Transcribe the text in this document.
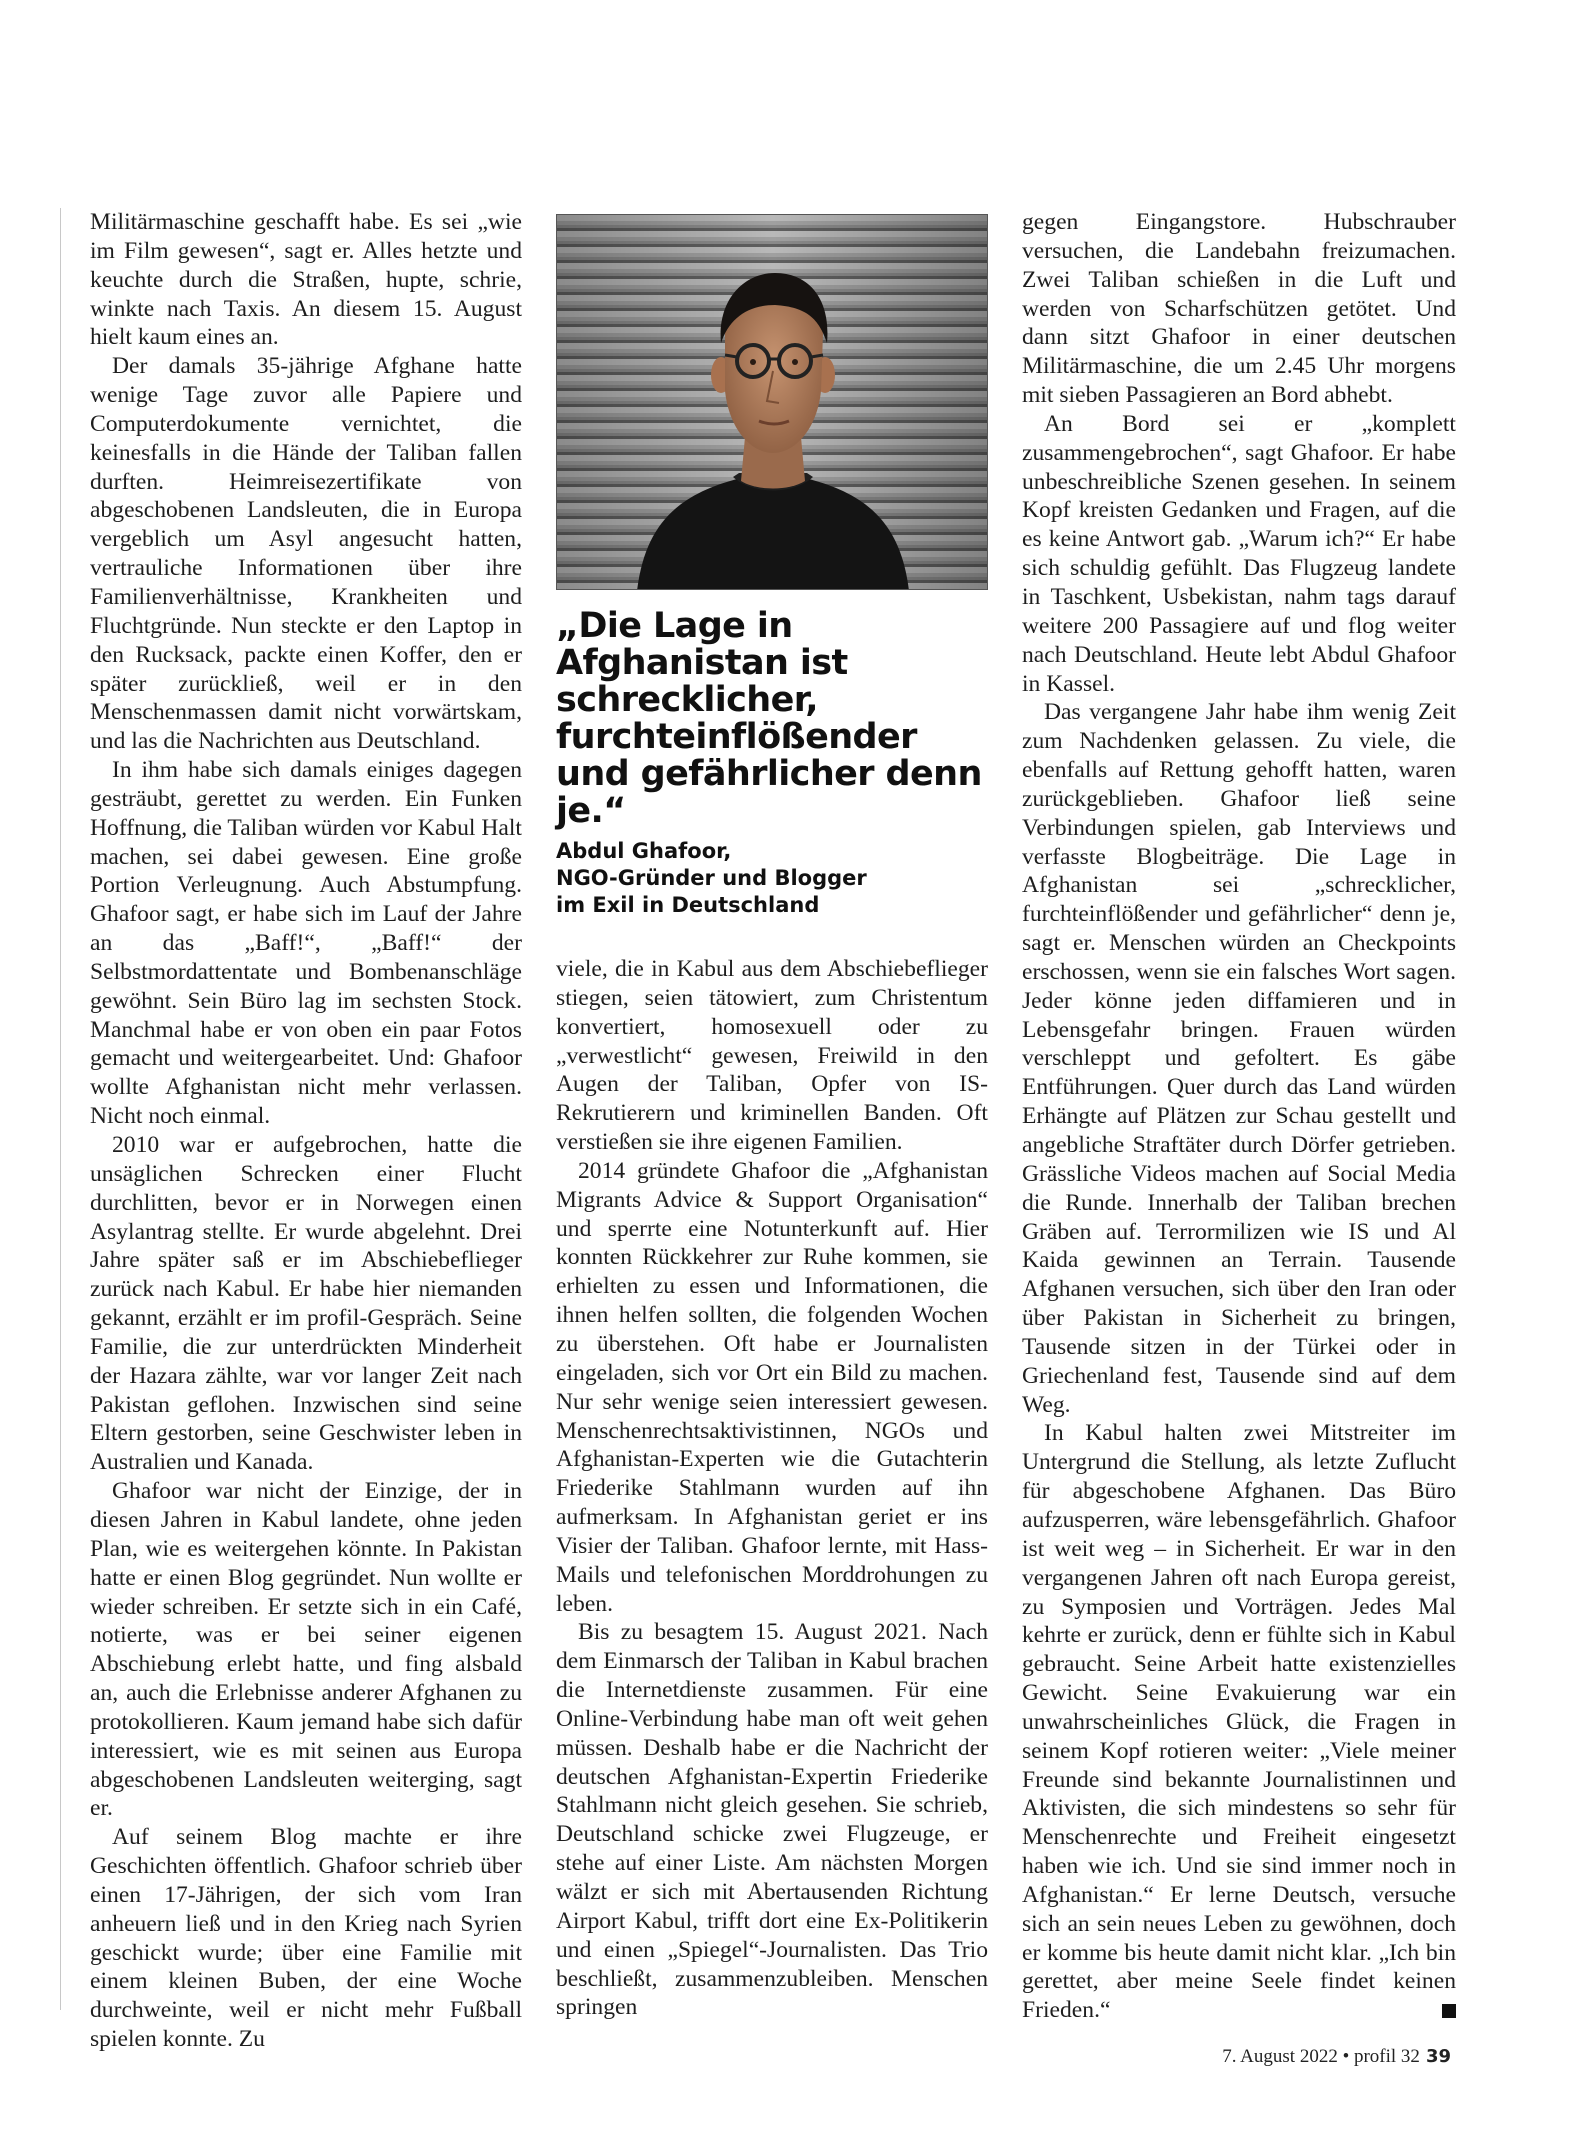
Militärmaschine geschafft habe. Es sei „wie im Film gewesen“, sagt er. Alles hetzte und keuchte durch die Straßen, hupte, schrie, winkte nach Taxis. An diesem 15. August hielt kaum eines an.

Der damals 35-jährige Afghane hatte wenige Tage zuvor alle Papiere und Computerdokumente vernichtet, die keinesfalls in die Hände der Taliban fallen durften. Heimreisezertifikate von abgeschobenen Landsleuten, die in Europa vergeblich um Asyl angesucht hatten, vertrauliche Informationen über ihre Familienverhältnisse, Krankheiten und Fluchtgründe. Nun steckte er den Laptop in den Rucksack, packte einen Koffer, den er später zurückließ, weil er in den Menschenmassen damit nicht vorwärtskam, und las die Nachrichten aus Deutschland.

In ihm habe sich damals einiges dagegen gesträubt, gerettet zu werden. Ein Funken Hoffnung, die Taliban würden vor Kabul Halt machen, sei dabei gewesen. Eine große Portion Verleugnung. Auch Abstumpfung. Ghafoor sagt, er habe sich im Lauf der Jahre an das „Baff!“, „Baff!“ der Selbstmordattentate und Bombenanschläge gewöhnt. Sein Büro lag im sechsten Stock. Manchmal habe er von oben ein paar Fotos gemacht und weitergearbeitet. Und: Ghafoor wollte Afghanistan nicht mehr verlassen. Nicht noch einmal.

2010 war er aufgebrochen, hatte die unsäglichen Schrecken einer Flucht durchlitten, bevor er in Norwegen einen Asylantrag stellte. Er wurde abgelehnt. Drei Jahre später saß er im Abschiebeflieger zurück nach Kabul. Er habe hier niemanden gekannt, erzählt er im profil-Gespräch. Seine Familie, die zur unterdrückten Minderheit der Hazara zählte, war vor langer Zeit nach Pakistan geflohen. Inzwischen sind seine Eltern gestorben, seine Geschwister leben in Australien und Kanada.

Ghafoor war nicht der Einzige, der in diesen Jahren in Kabul landete, ohne jeden Plan, wie es weitergehen könnte. In Pakistan hatte er einen Blog gegründet. Nun wollte er wieder schreiben. Er setzte sich in ein Café, notierte, was er bei seiner eigenen Abschiebung erlebt hatte, und fing alsbald an, auch die Erlebnisse anderer Afghanen zu protokollieren. Kaum jemand habe sich dafür interessiert, wie es mit seinen aus Europa abgeschobenen Landsleuten weiterging, sagt er.

Auf seinem Blog machte er ihre Geschichten öffentlich. Ghafoor schrieb über einen 17-Jährigen, der sich vom Iran anheuern ließ und in den Krieg nach Syrien geschickt wurde; über eine Familie mit einem kleinen Buben, der eine Woche durchweinte, weil er nicht mehr Fußball spielen konnte. Zu

„Die Lage in Afghanistan ist schrecklicher, furchteinflößender und gefährlicher denn je.“
Abdul Ghafoor,
NGO-Gründer und Blogger
im Exil in Deutschland

viele, die in Kabul aus dem Abschiebeflieger stiegen, seien tätowiert, zum Christentum konvertiert, homosexuell oder zu „verwestlicht“ gewesen, Freiwild in den Augen der Taliban, Opfer von IS-Rekrutierern und kriminellen Banden. Oft verstießen sie ihre eigenen Familien.

2014 gründete Ghafoor die „Afghanistan Migrants Advice & Support Organisation“ und sperrte eine Notunterkunft auf. Hier konnten Rückkehrer zur Ruhe kommen, sie erhielten zu essen und Informationen, die ihnen helfen sollten, die folgenden Wochen zu überstehen. Oft habe er Journalisten eingeladen, sich vor Ort ein Bild zu machen. Nur sehr wenige seien interessiert gewesen. Menschenrechtsaktivistinnen, NGOs und Afghanistan-Experten wie die Gutachterin Friederike Stahlmann wurden auf ihn aufmerksam. In Afghanistan geriet er ins Visier der Taliban. Ghafoor lernte, mit Hass-Mails und telefonischen Morddrohungen zu leben.

Bis zu besagtem 15. August 2021. Nach dem Einmarsch der Taliban in Kabul brachen die Internetdienste zusammen. Für eine Online-Verbindung habe man oft weit gehen müssen. Deshalb habe er die Nachricht der deutschen Afghanistan-Expertin Friederike Stahlmann nicht gleich gesehen. Sie schrieb, Deutschland schicke zwei Flugzeuge, er stehe auf einer Liste. Am nächsten Morgen wälzt er sich mit Abertausenden Richtung Airport Kabul, trifft dort eine Ex-Politikerin und einen „Spiegel“-Journalisten. Das Trio beschließt, zusammenzubleiben. Menschen springen

gegen Eingangstore. Hubschrauber versuchen, die Landebahn freizumachen. Zwei Taliban schießen in die Luft und werden von Scharfschützen getötet. Und dann sitzt Ghafoor in einer deutschen Militärmaschine, die um 2.45 Uhr morgens mit sieben Passagieren an Bord abhebt.

An Bord sei er „komplett zusammengebrochen“, sagt Ghafoor. Er habe unbeschreibliche Szenen gesehen. In seinem Kopf kreisten Gedanken und Fragen, auf die es keine Antwort gab. „Warum ich?“ Er habe sich schuldig gefühlt. Das Flugzeug landete in Taschkent, Usbekistan, nahm tags darauf weitere 200 Passagiere auf und flog weiter nach Deutschland. Heute lebt Abdul Ghafoor in Kassel.

Das vergangene Jahr habe ihm wenig Zeit zum Nachdenken gelassen. Zu viele, die ebenfalls auf Rettung gehofft hatten, waren zurückgeblieben. Ghafoor ließ seine Verbindungen spielen, gab Interviews und verfasste Blogbeiträge. Die Lage in Afghanistan sei „schrecklicher, furchteinflößender und gefährlicher“ denn je, sagt er. Menschen würden an Checkpoints erschossen, wenn sie ein falsches Wort sagen. Jeder könne jeden diffamieren und in Lebensgefahr bringen. Frauen würden verschleppt und gefoltert. Es gäbe Entführungen. Quer durch das Land würden Erhängte auf Plätzen zur Schau gestellt und angebliche Straftäter durch Dörfer getrieben. Grässliche Videos machen auf Social Media die Runde. Innerhalb der Taliban brechen Gräben auf. Terrormilizen wie IS und Al Kaida gewinnen an Terrain. Tausende Afghanen versuchen, sich über den Iran oder über Pakistan in Sicherheit zu bringen, Tausende sitzen in der Türkei oder in Griechenland fest, Tausende sind auf dem Weg.

In Kabul halten zwei Mitstreiter im Untergrund die Stellung, als letzte Zuflucht für abgeschobene Afghanen. Das Büro aufzusperren, wäre lebensgefährlich. Ghafoor ist weit weg – in Sicherheit. Er war in den vergangenen Jahren oft nach Europa gereist, zu Symposien und Vorträgen. Jedes Mal kehrte er zurück, denn er fühlte sich in Kabul gebraucht. Seine Arbeit hatte existenzielles Gewicht. Seine Evakuierung war ein unwahrscheinliches Glück, die Fragen in seinem Kopf rotieren weiter: „Viele meiner Freunde sind bekannte Journalistinnen und Aktivisten, die sich mindestens so sehr für Menschenrechte und Freiheit eingesetzt haben wie ich. Und sie sind immer noch in Afghanistan.“ Er lerne Deutsch, versuche sich an sein neues Leben zu gewöhnen, doch er komme bis heute damit nicht klar. „Ich bin gerettet, aber meine Seele findet keinen Frieden.“

7. August 2022 • profil 32 39
